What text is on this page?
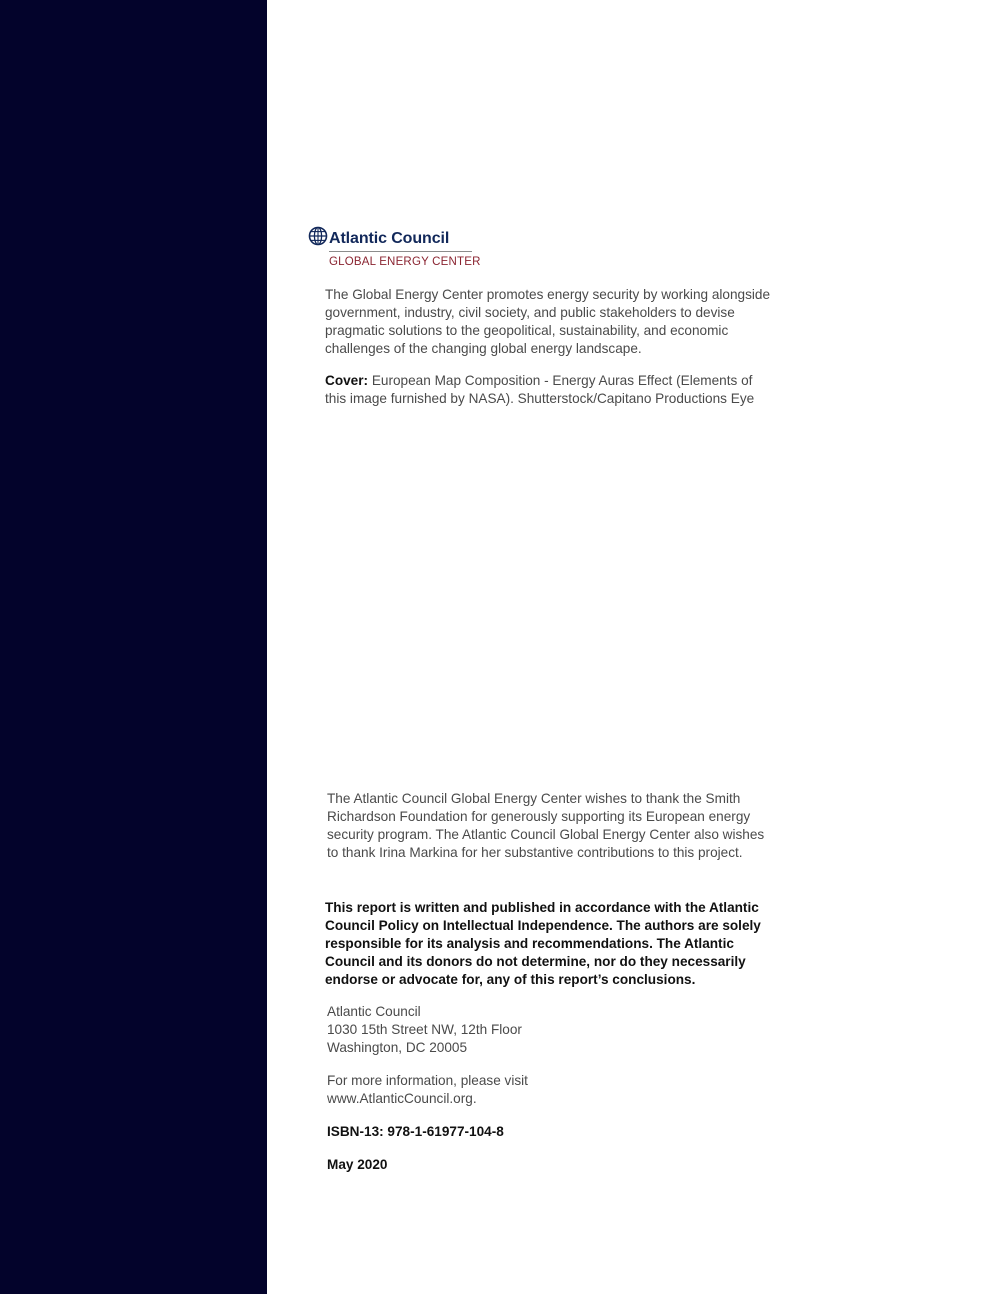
Atlantic Council
GLOBAL ENERGY CENTER

The Global Energy Center promotes energy security by working alongside government, industry, civil society, and public stakeholders to devise pragmatic solutions to the geopolitical, sustainability, and economic challenges of the changing global energy landscape.

Cover: European Map Composition - Energy Auras Effect (Elements of this image furnished by NASA). Shutterstock/Capitano Productions Eye

The Atlantic Council Global Energy Center wishes to thank the Smith Richardson Foundation for generously supporting its European energy security program. The Atlantic Council Global Energy Center also wishes to thank Irina Markina for her substantive contributions to this project.

This report is written and published in accordance with the Atlantic Council Policy on Intellectual Independence. The authors are solely responsible for its analysis and recommendations. The Atlantic Council and its donors do not determine, nor do they necessarily endorse or advocate for, any of this report’s conclusions.

Atlantic Council

1030 15th Street NW, 12th Floor

Washington, DC 20005

For more information, please visit

www.AtlanticCouncil.org.

ISBN-13: 978-1-61977-104-8

May 2020
